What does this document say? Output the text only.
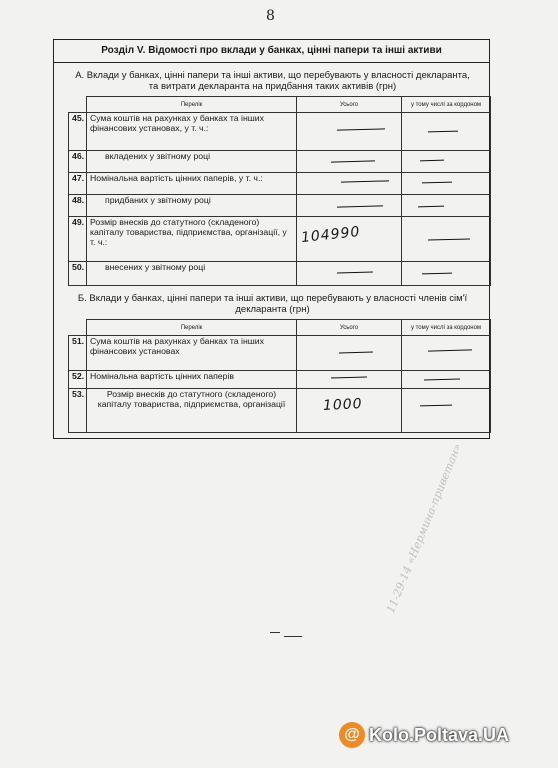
8
Розділ V. Відомості про вклади у банках, цінні папери та інші активи
А. Вклади у банках, цінні папери та інші активи, що перебувають у власності декларанта, та витрати декларанта на придбання таких активів (грн)
	Перелік	Усього	у тому числі за кордоном
45.	Сума коштів на рахунках у банках та інших фінансових установах, у т. ч.:	

46.	вкладених у звітному році	

47.	Номінальна вартість цінних паперів, у т. ч.:	

48.	придбаних у звітному році	

49.	Розмір внесків до статутного (складеного) капіталу товариства, підприємства, організації, у т. ч.:	104990	

50.	внесених у звітному році	

Б. Вклади у банках, цінні папери та інші активи, що перебувають у власності членів сім'ї декларанта (грн)
	Перелік	Усього	у тому числі за кордоном
51.	Сума коштів на рахунках у банках та інших фінансових установах	

52.	Номінальна вартість цінних паперів	

53.	Розмір внесків до статутного (складеного) капіталу товариства, підприємства, організації	1000	

11-29-14 «Нермина-приветан»
@ Kolo.Poltava.UA
